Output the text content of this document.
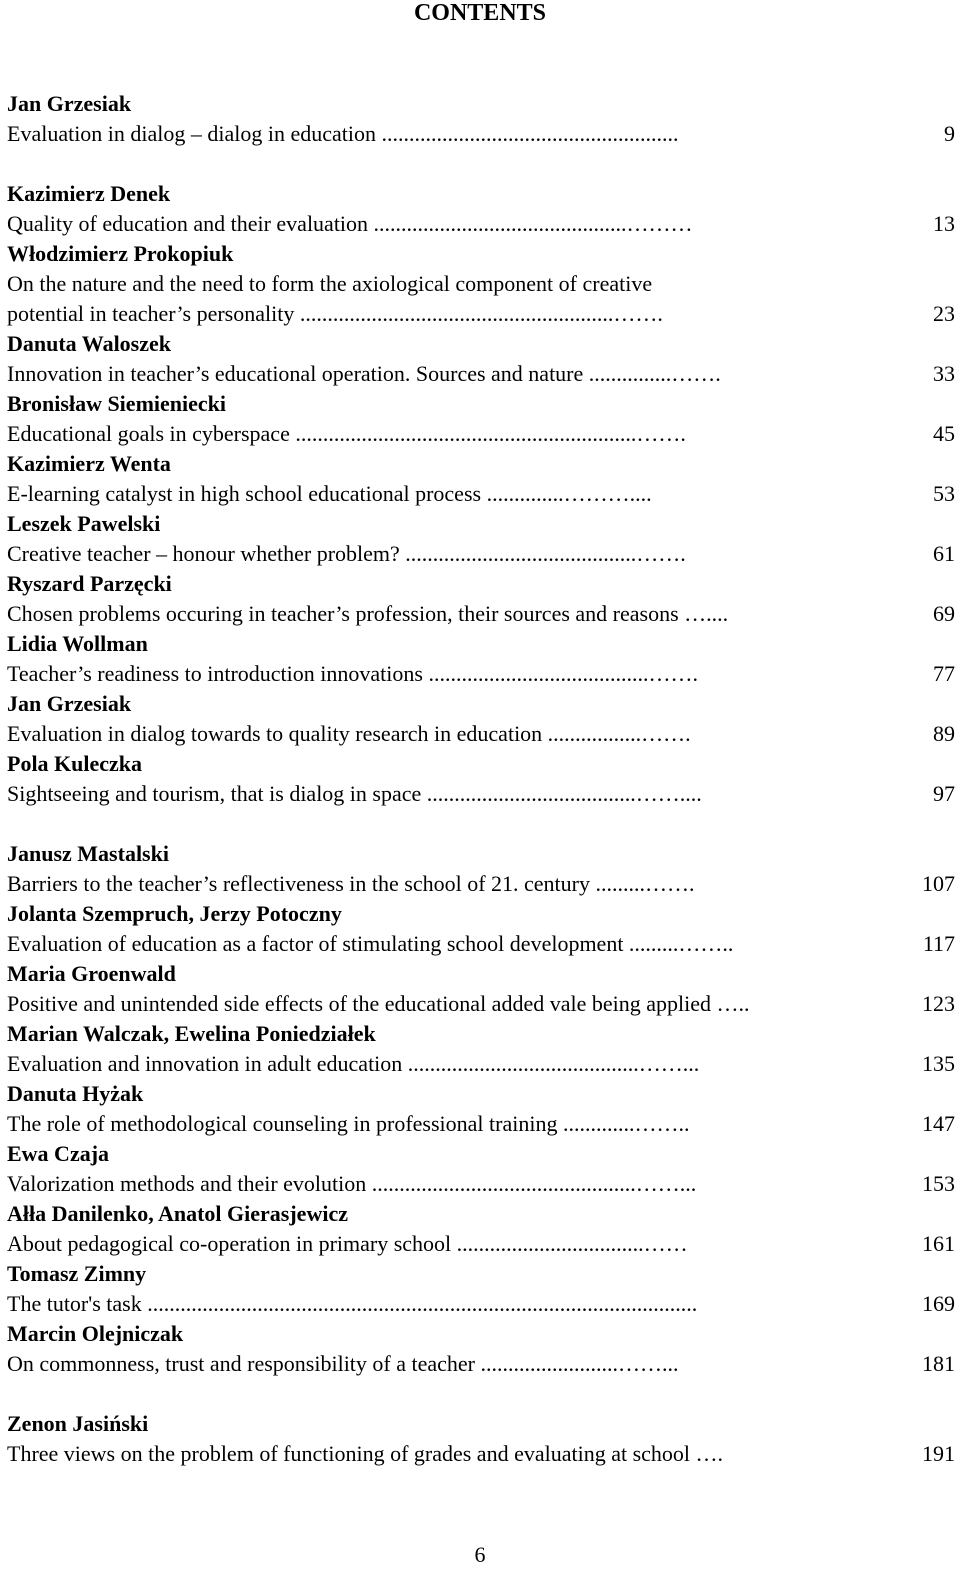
CONTENTS
Jan Grzesiak
Evaluation in dialog – dialog in education ......................................................	9
Kazimierz Denek
Quality of education and their evaluation ..............................................………	13
Włodzimierz Prokopiuk
On the nature and the need to form the axiological component of creative
potential in teacher’s personality .........................................................…….	23
Danuta Waloszek
Innovation in teacher’s educational operation. Sources and nature ...............…….	33
Bronisław Siemieniecki
Educational goals in cyberspace ..............................................................…….	45
Kazimierz Wenta
E-learning catalyst in high school educational process ..............………....	53
Leszek Pawelski
Creative teacher – honour whether problem? ..........................................…….	61
Ryszard Parzęcki
Chosen problems occuring in teacher’s profession, their sources and reasons …....	69
Lidia Wollman
Teacher’s readiness to introduction innovations ........................................…….	77
Jan Grzesiak
Evaluation in dialog towards to quality research in education .................…….	89
Pola Kuleczka
Sightseeing and tourism, that is dialog in space ......................................……....	97
Janusz Mastalski
Barriers to the teacher’s reflectiveness in the school of 21. century .........…….	107
Jolanta Szempruch, Jerzy Potoczny
Evaluation of education as a factor of stimulating school development .........……..	117
Maria Groenwald
Positive and unintended side effects of the educational added vale being applied …..	123
Marian Walczak, Ewelina Poniedziałek
Evaluation and innovation in adult education ..........................................……...	135
Danuta Hyżak
The role of methodological counseling in professional training .............……..	147
Ewa Czaja
Valorization methods and their evolution ................................................……...	153
Ałła Danilenko, Anatol Gierasjewicz
About pedagogical co-operation in primary school ..................................……	161
Tomasz Zimny
The tutor's task ....................................................................................................	169
Marcin Olejniczak
On commonness, trust and responsibility of a teacher .........................……...	181
Zenon Jasiński
Three views on the problem of functioning of grades and evaluating at school ….	191
6
